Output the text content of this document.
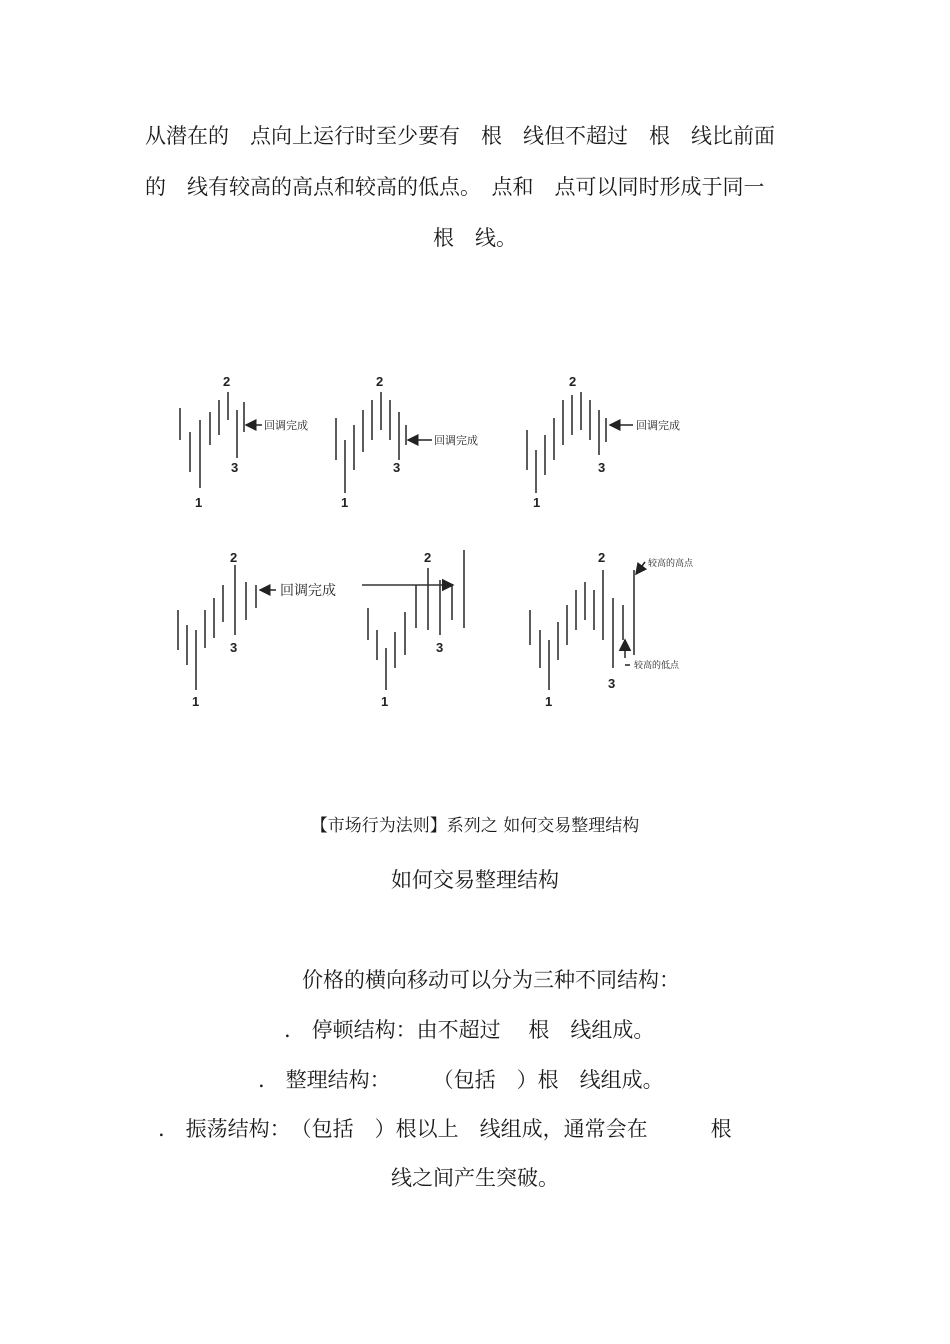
从潜在的　点向上运行时至少要有　根　线但不超过　根　线比前面
的　线有较高的高点和较高的低点。　点和　点可以同时形成于同一
根　线。
2
3
1
2
3
1
2
3
1
2
3
1
2
3
1
2
3
1
回调完成
回调完成
回调完成
回调完成
较高的高点
较高的低点
【市场行为法则】系列之 如何交易整理结构
如何交易整理结构
价格的横向移动可以分为三种不同结构：
.　停顿结构：由不超过　 根　线组成。
.　整理结构：　　　（包括　）根　线组成。
.　振荡结构：　（包括　）根以上　线组成，通常会在　　　根
线之间产生突破。
